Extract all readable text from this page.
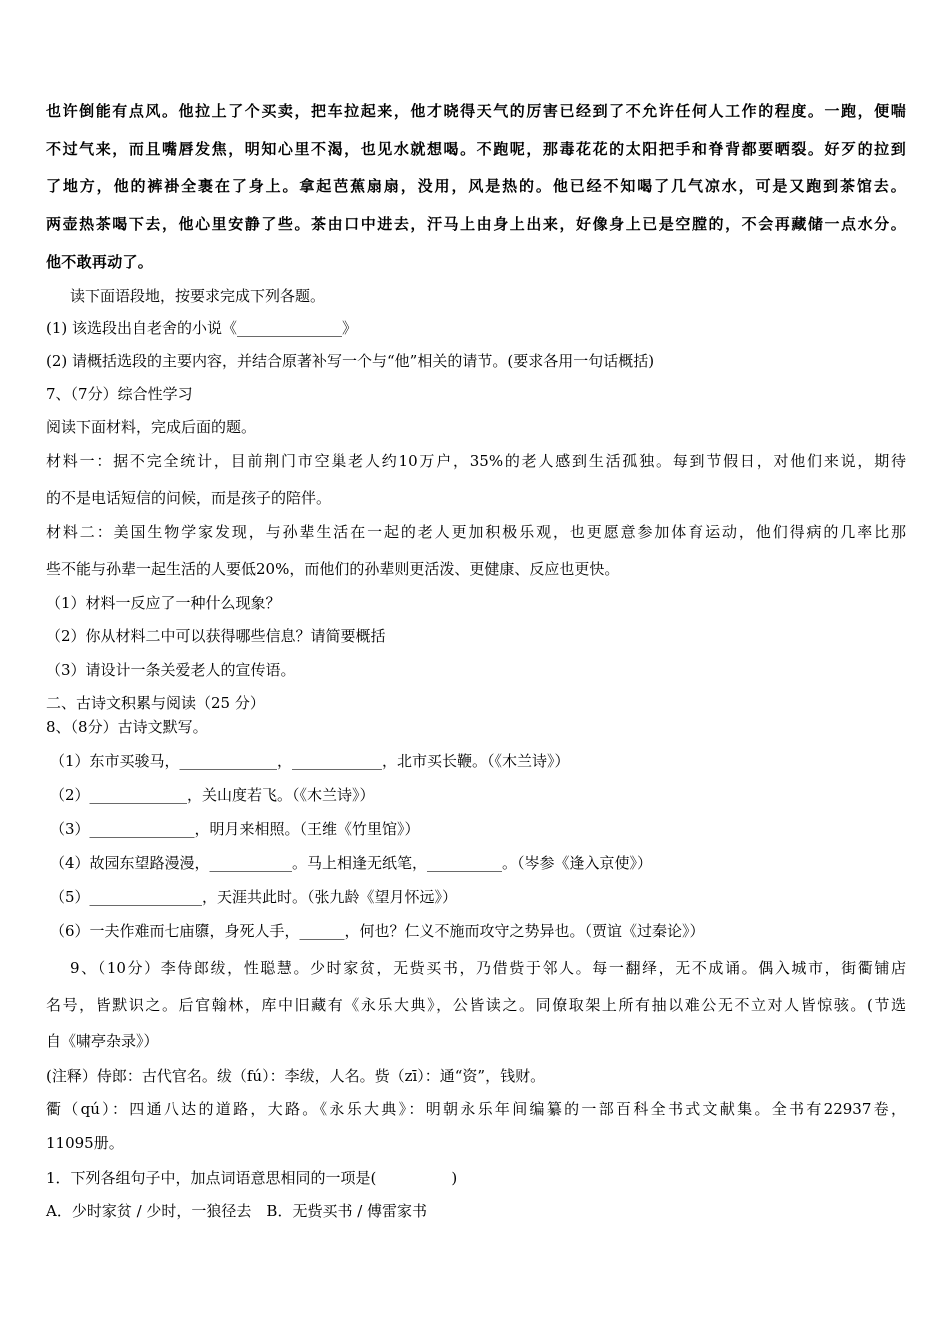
也许倒能有点风。他拉上了个买卖，把车拉起来，他才晓得天气的厉害已经到了不允许任何人工作的程度。一跑，便喘
不过气来，而且嘴唇发焦，明知心里不渴，也见水就想喝。不跑呢，那毒花花的太阳把手和脊背都要晒裂。好歹的拉到
了地方，他的裤褂全裹在了身上。拿起芭蕉扇扇，没用，风是热的。他已经不知喝了几气凉水，可是又跑到茶馆去。
两壶热茶喝下去，他心里安静了些。茶由口中进去，汗马上由身上出来，好像身上已是空膛的，不会再藏储一点水分。
他不敢再动了。
读下面语段地，按要求完成下列各题。
(1) 该选段出自老舍的小说《______________》
(2) 请概括选段的主要内容，并结合原著补写一个与“他”相关的请节。(要求各用一句话概括)
7、（7分）综合性学习
阅读下面材料，完成后面的题。
材料一：据不完全统计，目前荆门市空巢老人约10万户，35%的老人感到生活孤独。每到节假日，对他们来说，期待
的不是电话短信的问候，而是孩子的陪伴。
材料二：美国生物学家发现，与孙辈生活在一起的老人更加积极乐观，也更愿意参加体育运动，他们得病的几率比那
些不能与孙辈一起生活的人要低20%，而他们的孙辈则更活泼、更健康、反应也更快。
（1）材料一反应了一种什么现象？
（2）你从材料二中可以获得哪些信息？请简要概括
（3）请设计一条关爱老人的宣传语。
二、古诗文积累与阅读（25 分）
8、（8分）古诗文默写。
（1）东市买骏马，_____________，____________，北市买长鞭。（《木兰诗》）
（2）_____________，关山度若飞。（《木兰诗》）
（3）______________，明月来相照。（王维《竹里馆》）
（4）故园东望路漫漫，___________。马上相逢无纸笔，__________。（岑参《逢入京使》）
（5）_______________，天涯共此时。（张九龄《望月怀远》）
（6）一夫作难而七庙隳，身死人手，______，何也？仁义不施而攻守之势异也。（贾谊《过秦论》）
9、（10分）李侍郎绂，性聪慧。少时家贫，无赀买书，乃借赀于邻人。每一翻绎，无不成诵。偶入城市，街衢铺店
名号，皆默识之。后官翰林，库中旧藏有《永乐大典》，公皆读之。同僚取架上所有抽以难公无不立对人皆惊骇。(节选
自《啸亭杂录》）
(注释）侍郎：古代官名。绂（fú）：李绂，人名。赀（zī）：通“资”，钱财。
衢（qú）：四通八达的道路，大路。《永乐大典》：明朝永乐年间编纂的一部百科全书式文献集。全书有22937卷，
11095册。
1．下列各组句子中，加点词语意思相同的一项是(　　　　　)
A．少时家贫 / 少时，一狼径去　B．无赀买书 / 傅雷家书
